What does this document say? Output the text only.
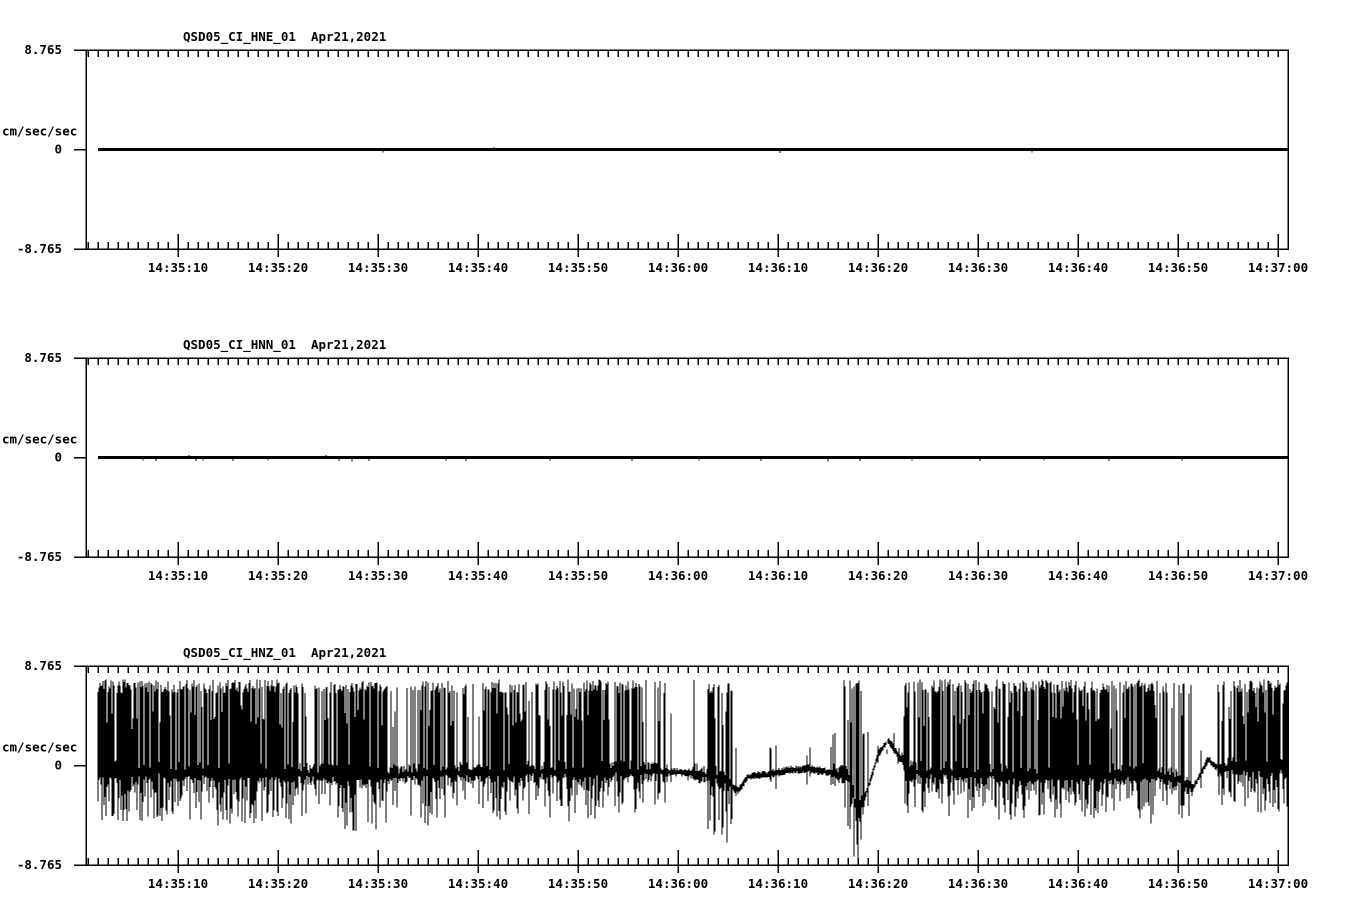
QSD05_CI_HNE_01 Apr21,2021
8.765
0
-8.765
cm/sec/sec
14:35:10	14:35:20	14:35:30	14:35:40	14:35:50	14:36:00	14:36:10	14:36:20	14:36:30	14:36:40	14:36:50	14:37:00
QSD05_CI_HNN_01 Apr21,2021
8.765
0
-8.765
cm/sec/sec
14:35:10	14:35:20	14:35:30	14:35:40	14:35:50	14:36:00	14:36:10	14:36:20	14:36:30	14:36:40	14:36:50	14:37:00
QSD05_CI_HNZ_01 Apr21,2021
8.765
0
-8.765
cm/sec/sec
14:35:10	14:35:20	14:35:30	14:35:40	14:35:50	14:36:00	14:36:10	14:36:20	14:36:30	14:36:40	14:36:50	14:37:00
